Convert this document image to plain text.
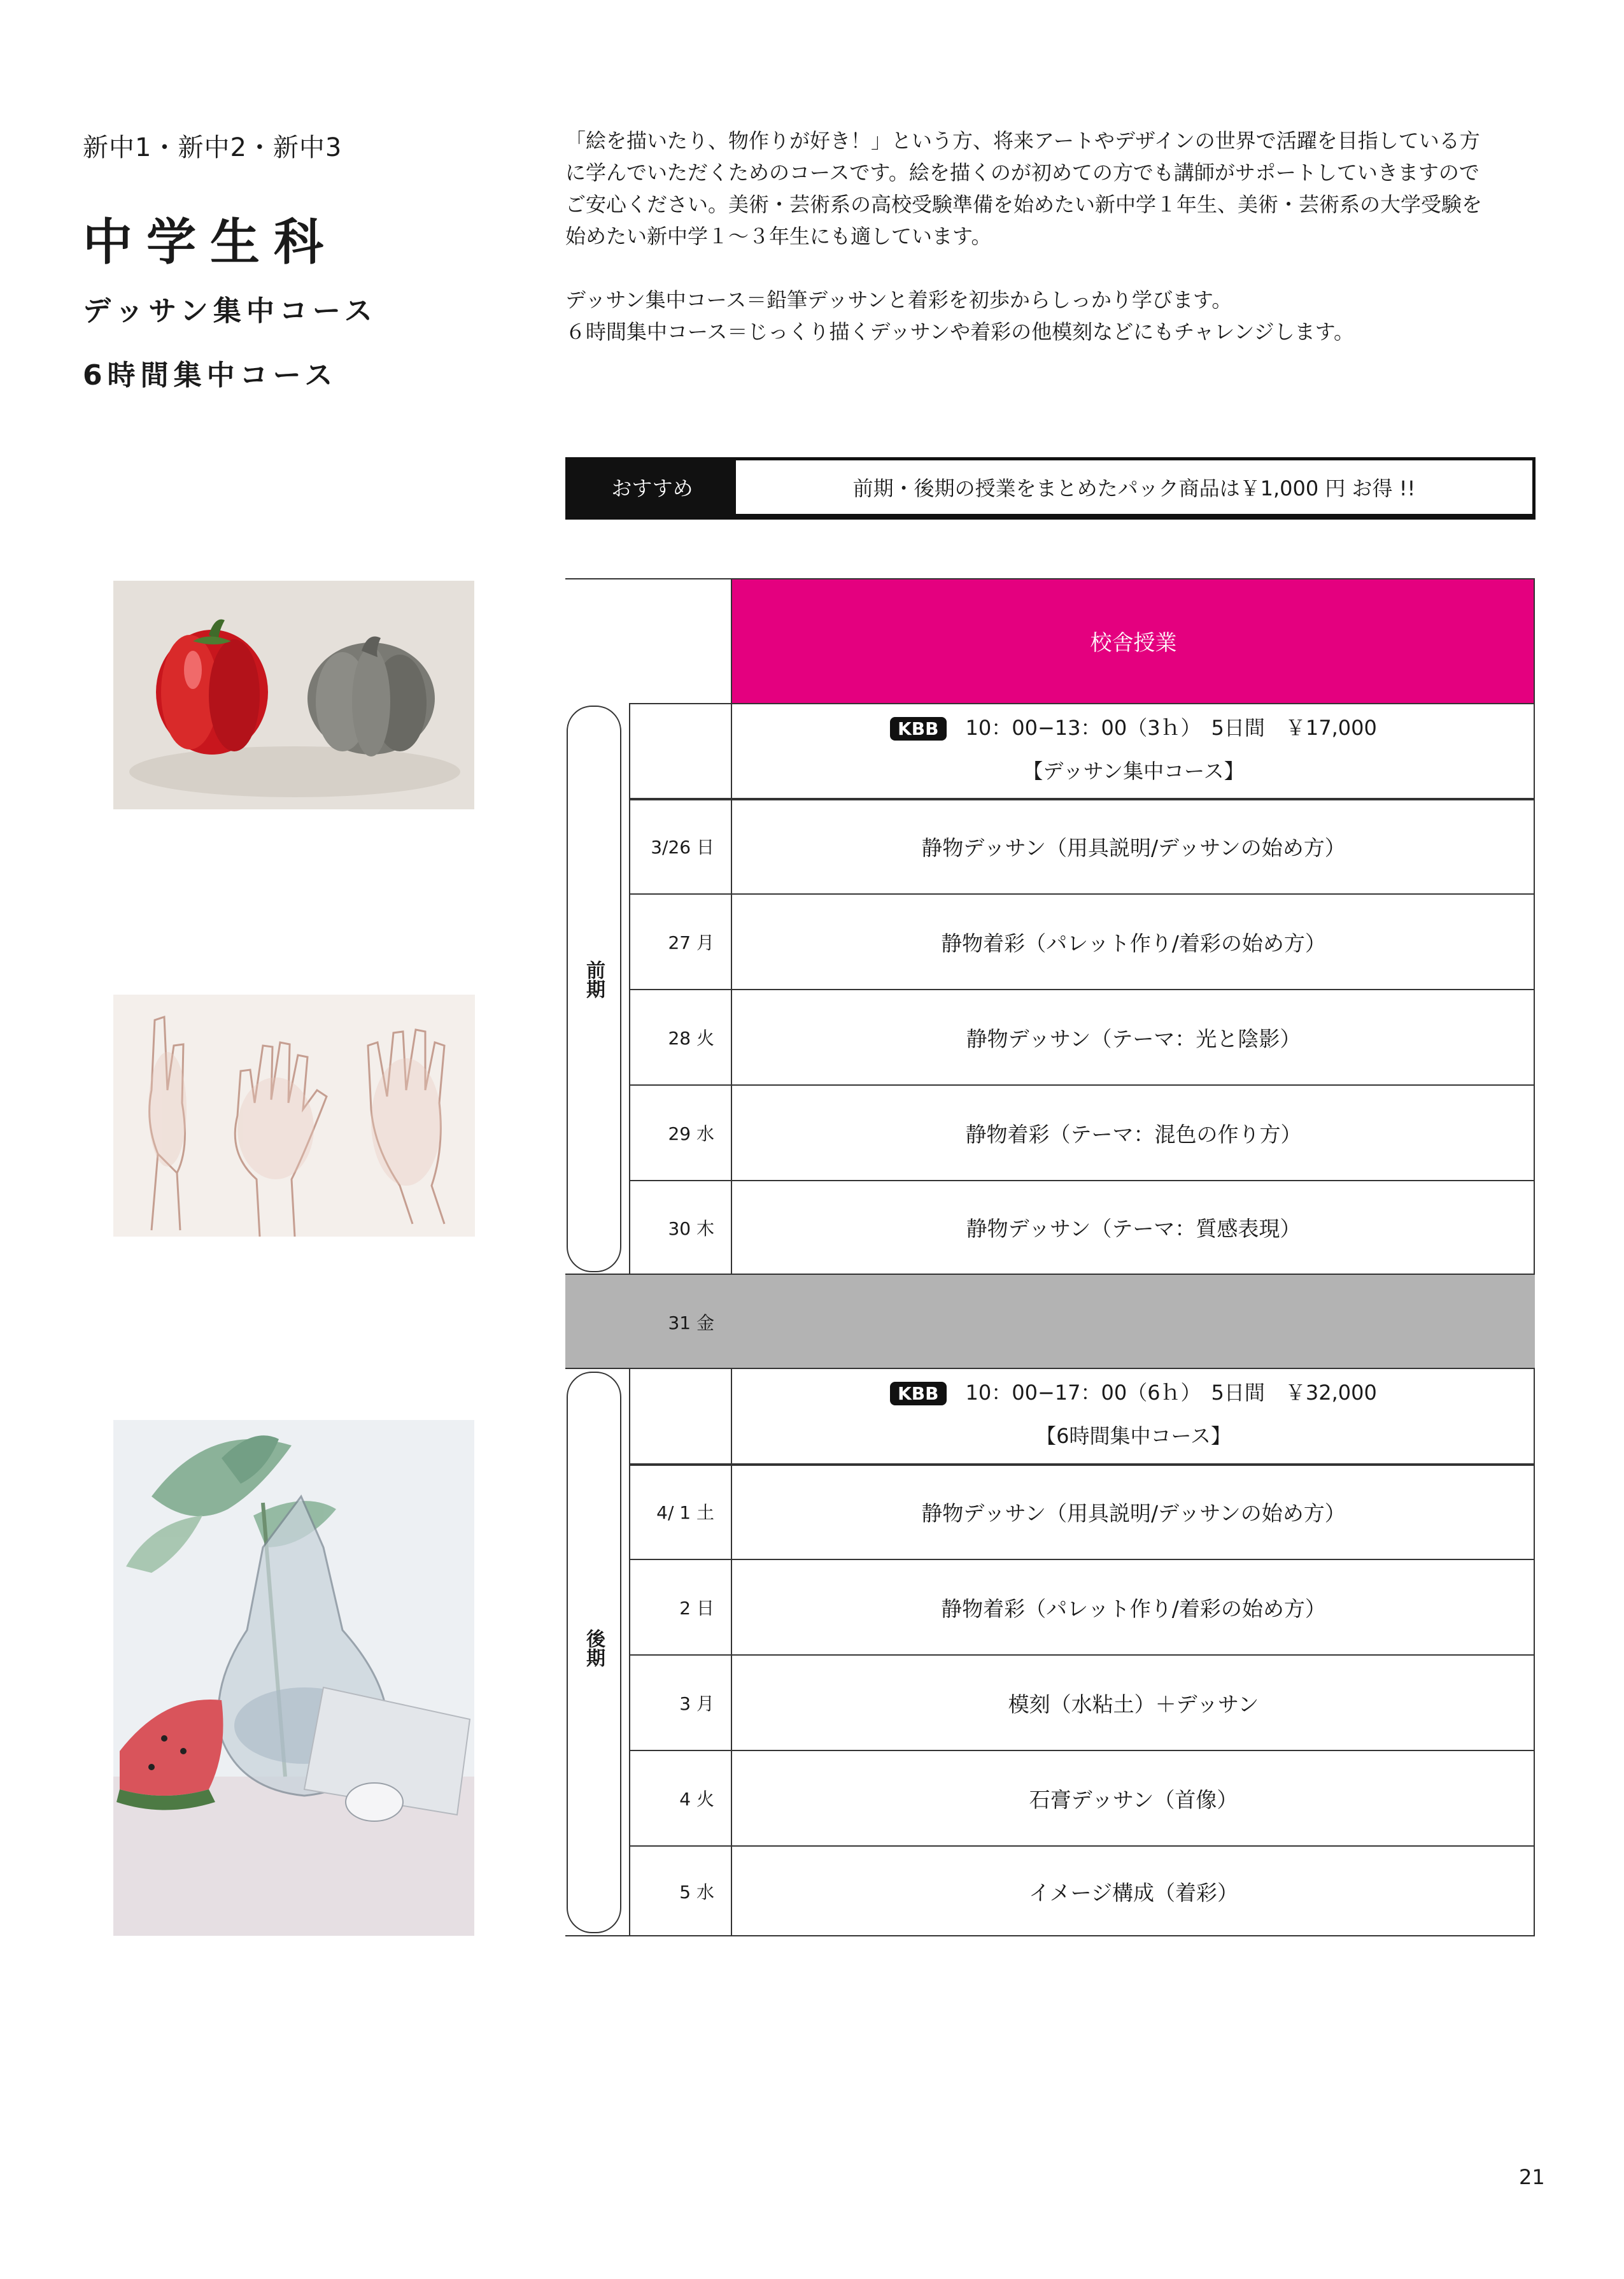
新中1・新中2・新中3
中学生科
デッサン集中コース
6時間集中コース

「絵を描いたり、物作りが好き！」という方、将来アートやデザインの世界で活躍を目指している方

に学んでいただくためのコースです。絵を描くのが初めての方でも講師がサポートしていきますので

ご安心ください。美術・芸術系の高校受験準備を始めたい新中学１年生、美術・芸術系の大学受験を

始めたい新中学１～３年生にも適しています。

デッサン集中コース＝鉛筆デッサンと着彩を初歩からしっかり学びます。

６時間集中コース＝じっくり描くデッサンや着彩の他模刻などにもチャレンジします。

おすすめ	前期・後期の授業をまとめたパック商品は￥1,000 円 お得 !!
校舎授業
KBB 10：00−13：00（3ｈ）　5日間　￥17,000
【デッサン集中コース】
3/26 日	静物デッサン（用具説明/デッサンの始め方）
27 月	静物着彩（パレット作り/着彩の始め方）
28 火	静物デッサン（テーマ：光と陰影）
29 水	静物着彩（テーマ：混色の作り方）
30 木	静物デッサン（テーマ：質感表現）
31 金
KBB 10：00−17：00（6ｈ）　5日間　￥32,000
【6時間集中コース】
4/ 1 土	静物デッサン（用具説明/デッサンの始め方）
2 日	静物着彩（パレット作り/着彩の始め方）
3 月	模刻（水粘土）＋デッサン
4 火	石膏デッサン（首像）
5 水	イメージ構成（着彩）
前期
後期
21
